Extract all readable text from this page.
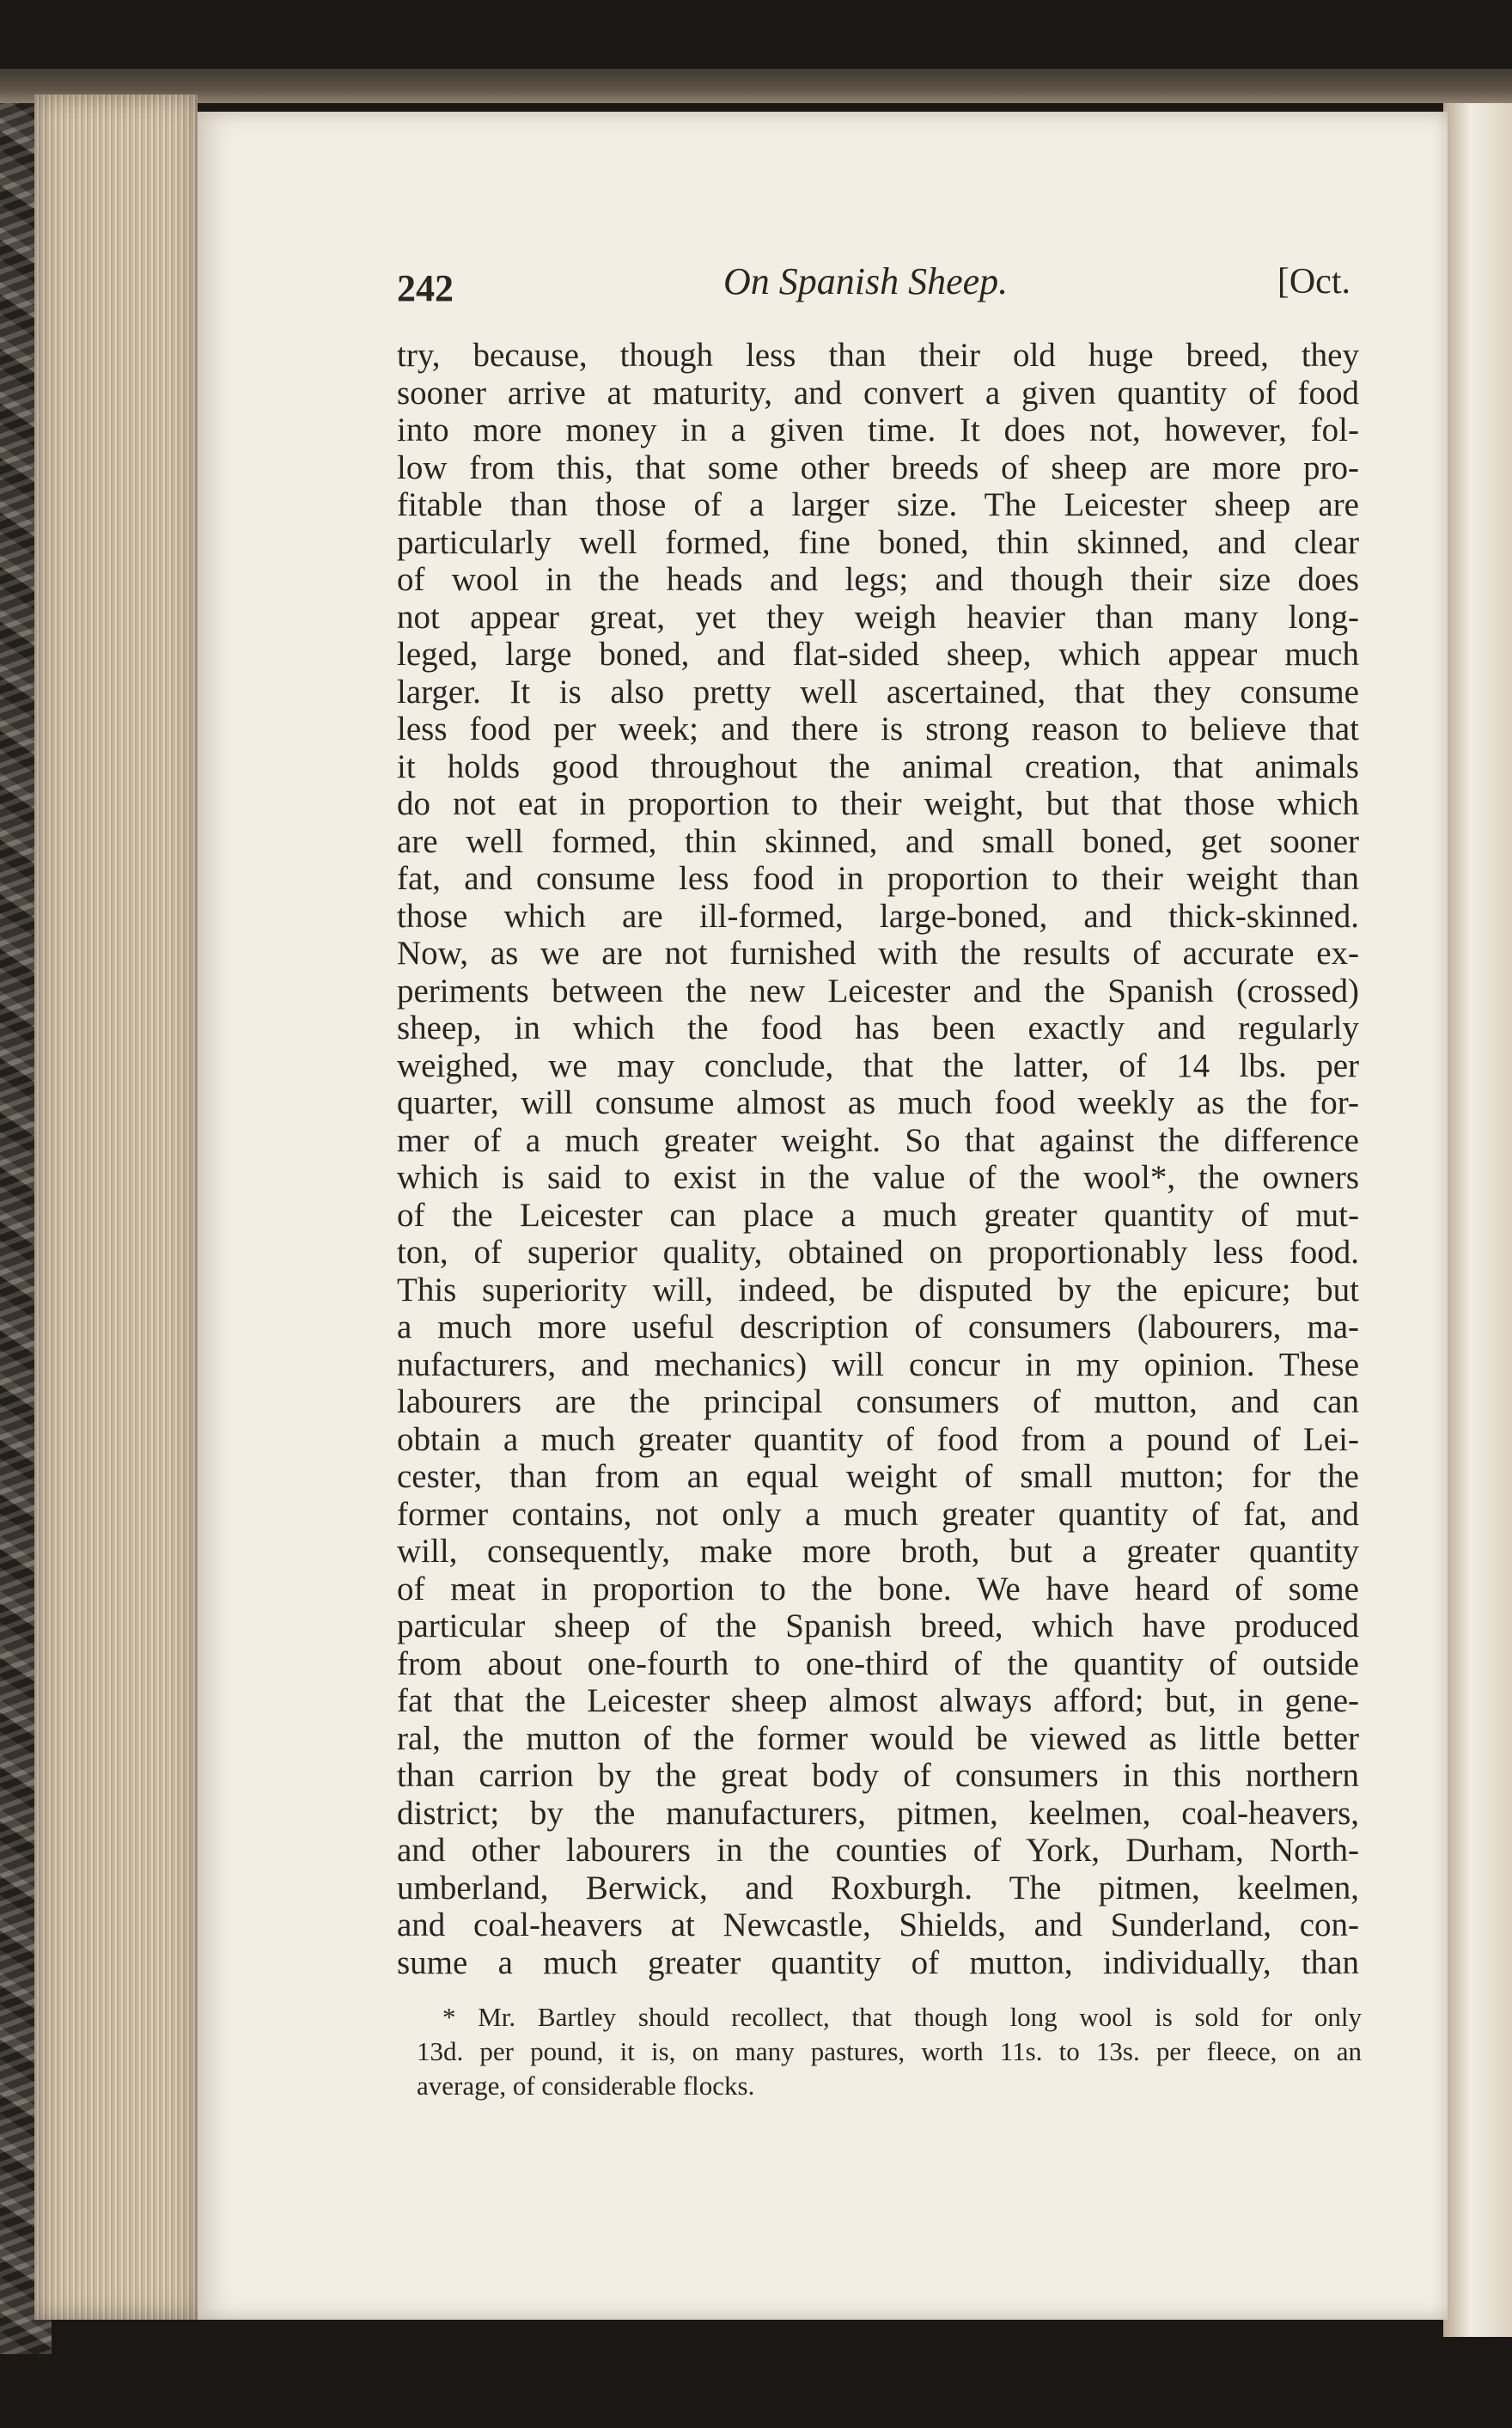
242	On Spanish Sheep.	[Oct.
try, because, though less than their old huge breed, they
sooner arrive at maturity, and convert a given quantity of food
into more money in a given time. It does not, however, fol-
low from this, that some other breeds of sheep are more pro-
fitable than those of a larger size. The Leicester sheep are
particularly well formed, fine boned, thin skinned, and clear
of wool in the heads and legs; and though their size does
not appear great, yet they weigh heavier than many long-
leged, large boned, and flat-sided sheep, which appear much
larger. It is also pretty well ascertained, that they consume
less food per week; and there is strong reason to believe that
it holds good throughout the animal creation, that animals
do not eat in proportion to their weight, but that those which
are well formed, thin skinned, and small boned, get sooner
fat, and consume less food in proportion to their weight than
those which are ill-formed, large-boned, and thick-skinned.
Now, as we are not furnished with the results of accurate ex-
periments between the new Leicester and the Spanish (crossed)
sheep, in which the food has been exactly and regularly
weighed, we may conclude, that the latter, of 14 lbs. per
quarter, will consume almost as much food weekly as the for-
mer of a much greater weight. So that against the difference
which is said to exist in the value of the wool*, the owners
of the Leicester can place a much greater quantity of mut-
ton, of superior quality, obtained on proportionably less food.
This superiority will, indeed, be disputed by the epicure; but
a much more useful description of consumers (labourers, ma-
nufacturers, and mechanics) will concur in my opinion. These
labourers are the principal consumers of mutton, and can
obtain a much greater quantity of food from a pound of Lei-
cester, than from an equal weight of small mutton; for the
former contains, not only a much greater quantity of fat, and
will, consequently, make more broth, but a greater quantity
of meat in proportion to the bone. We have heard of some
particular sheep of the Spanish breed, which have produced
from about one-fourth to one-third of the quantity of outside
fat that the Leicester sheep almost always afford; but, in gene-
ral, the mutton of the former would be viewed as little better
than carrion by the great body of consumers in this northern
district; by the manufacturers, pitmen, keelmen, coal-heavers,
and other labourers in the counties of York, Durham, North-
umberland, Berwick, and Roxburgh. The pitmen, keelmen,
and coal-heavers at Newcastle, Shields, and Sunderland, con-
sume a much greater quantity of mutton, individually, than
* Mr. Bartley should recollect, that though long wool is sold for only
13d. per pound, it is, on many pastures, worth 11s. to 13s. per fleece, on an
average, of considerable flocks.
